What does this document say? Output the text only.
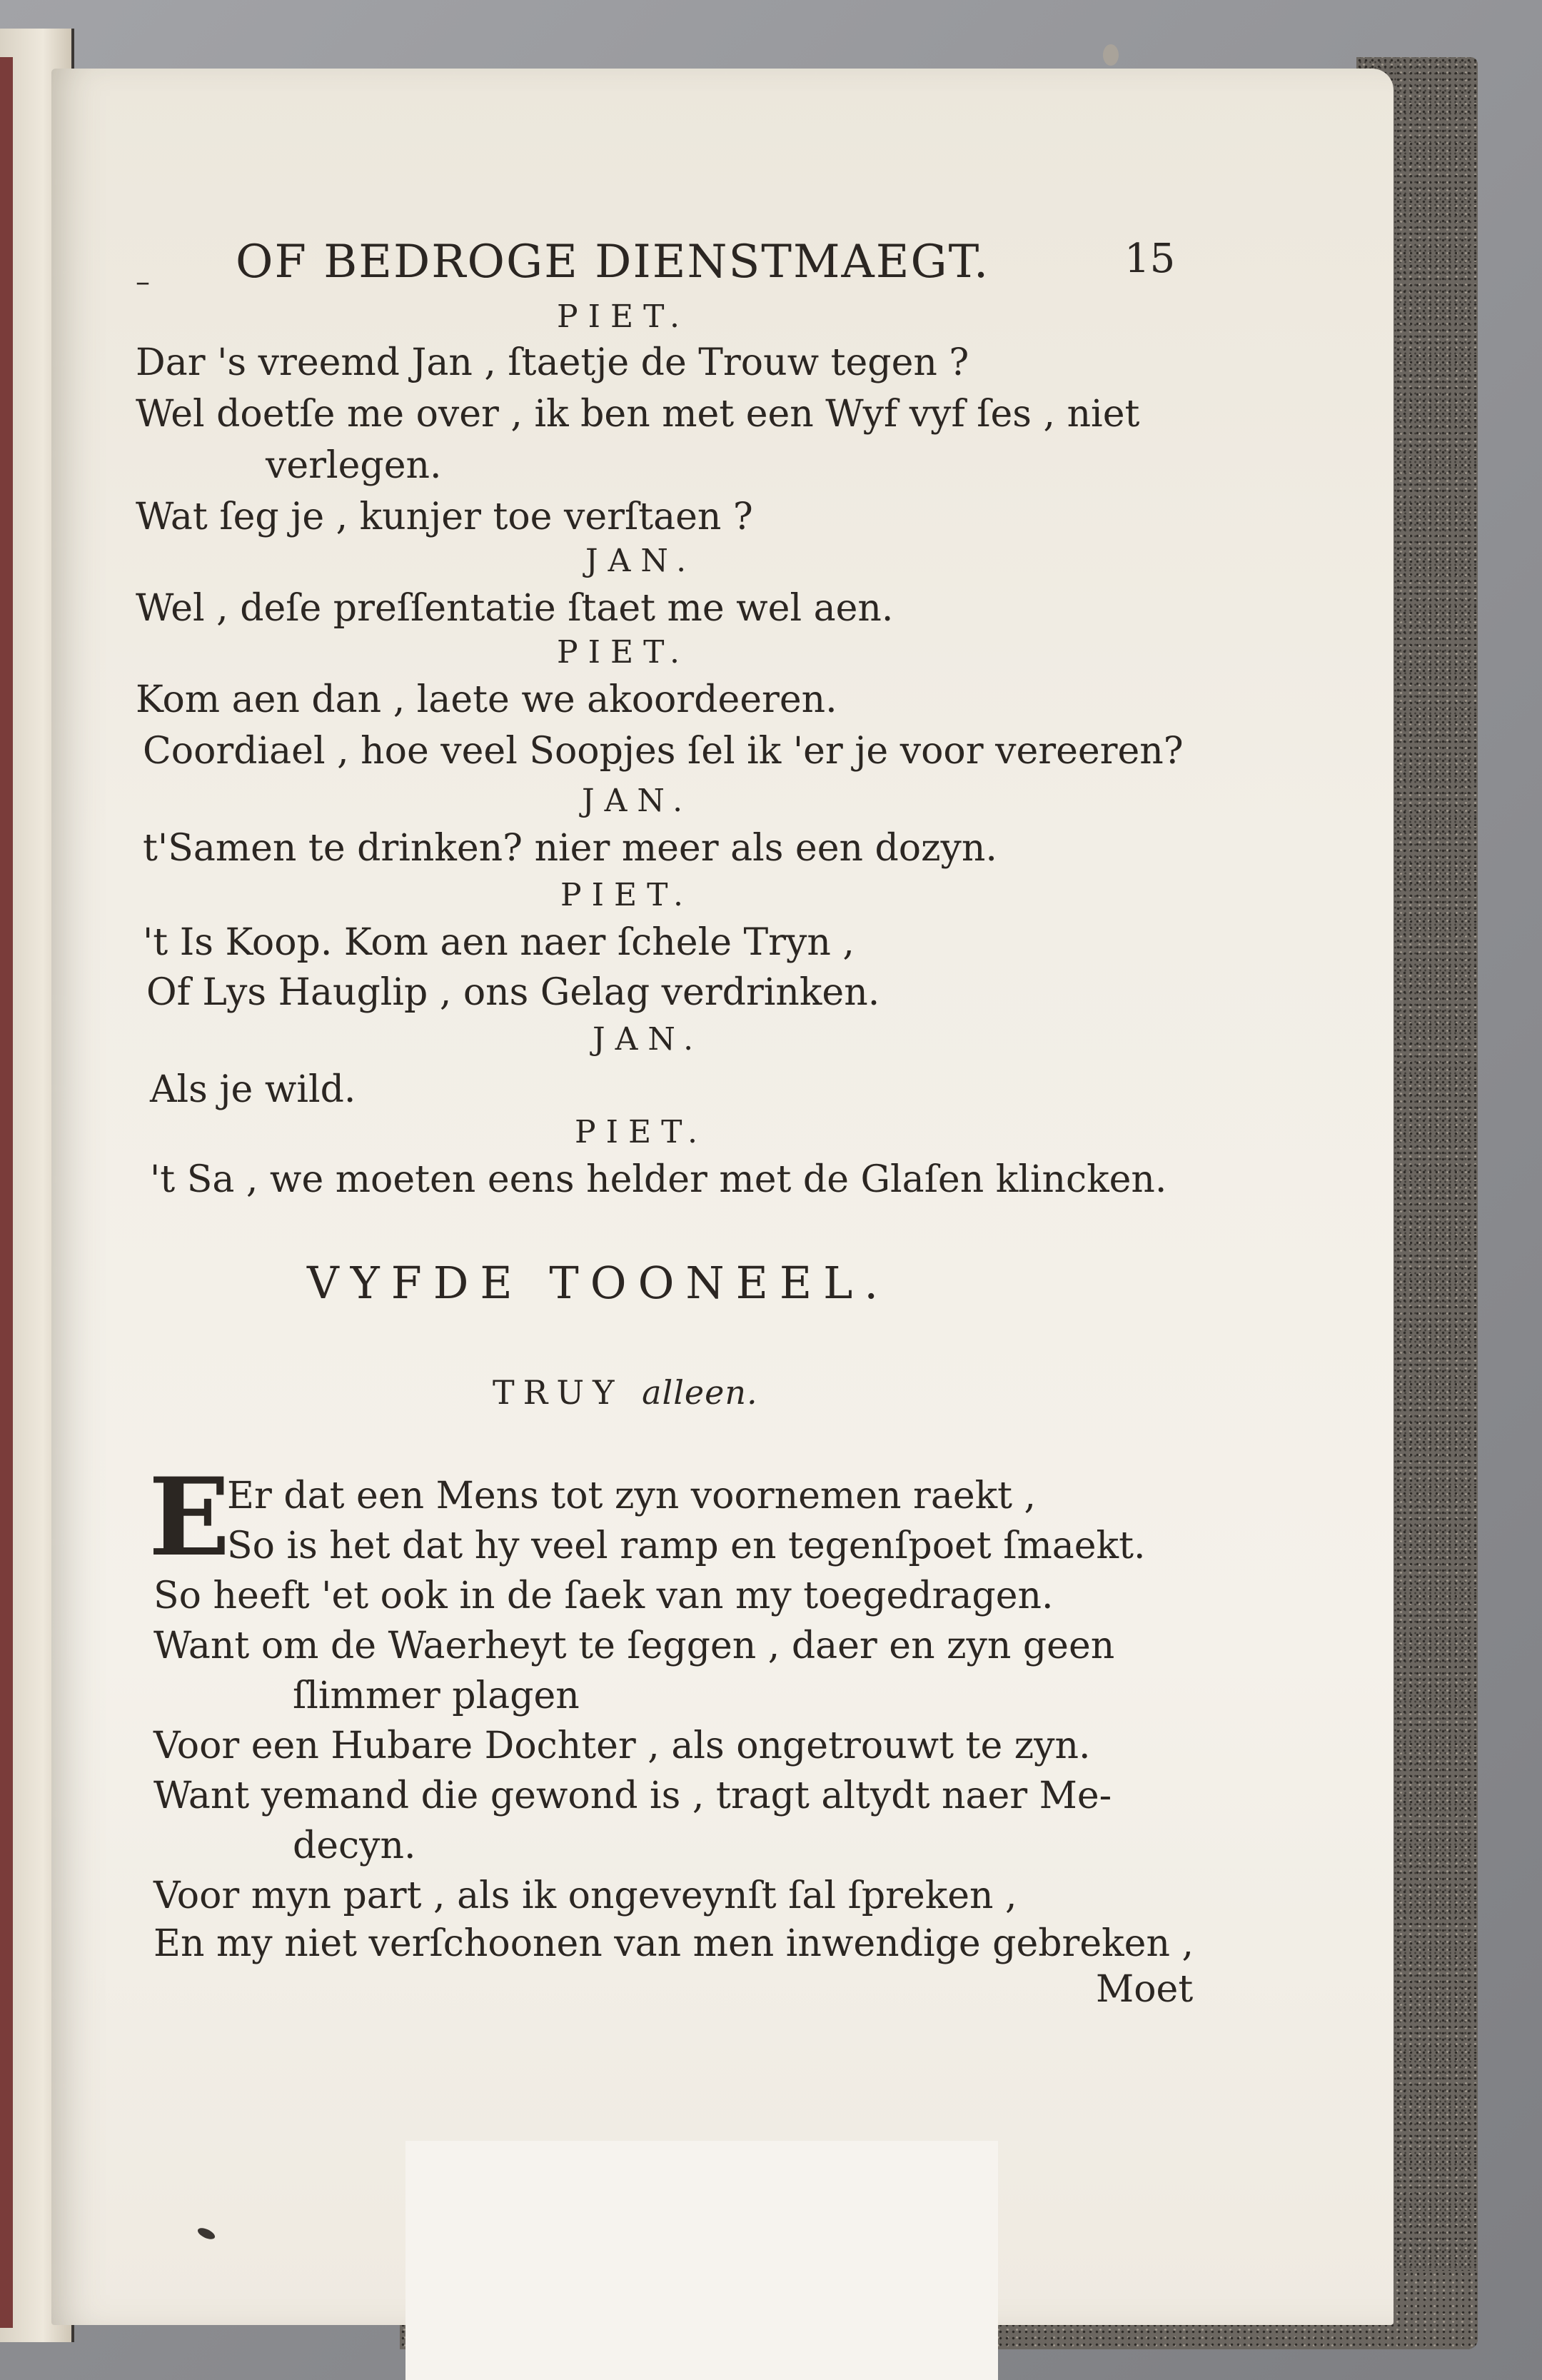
– OF BEDROGE DIENSTMAEGT.	15
PIET.
Dar 's vreemd Jan , ſtaetje de Trouw tegen ?
Wel doetſe me over , ik ben met een Wyf vyf ſes , niet
verlegen.
Wat ſeg je , kunjer toe verſtaen ?
JAN.
Wel , deſe preſſentatie ſtaet me wel aen.
PIET.
Kom aen dan , laete we akoordeeren.
Coordiael , hoe veel Soopjes ſel ik 'er je voor vereeren?
JAN.
t'Samen te drinken? nier meer als een dozyn.
PIET.
't Is Koop. Kom aen naer ſchele Tryn ,
Of Lys Hauglip , ons Gelag verdrinken.
JAN.
Als je wild.
PIET.
't Sa , we moeten eens helder met de Glaſen klincken.
VYFDE TOONEEL.
TRUY alleen.
E
Er dat een Mens tot zyn voornemen raekt ,
So is het dat hy veel ramp en tegenſpoet ſmaekt.
So heeft 'et ook in de ſaek van my toegedragen.
Want om de Waerheyt te ſeggen , daer en zyn geen
ſlimmer plagen
Voor een Hubare Dochter , als ongetrouwt te zyn.
Want yemand die gewond is , tragt altydt naer Me-
decyn.
Voor myn part , als ik ongeveynſt ſal ſpreken ,
En my niet verſchoonen van men inwendige gebreken ,
Moet
